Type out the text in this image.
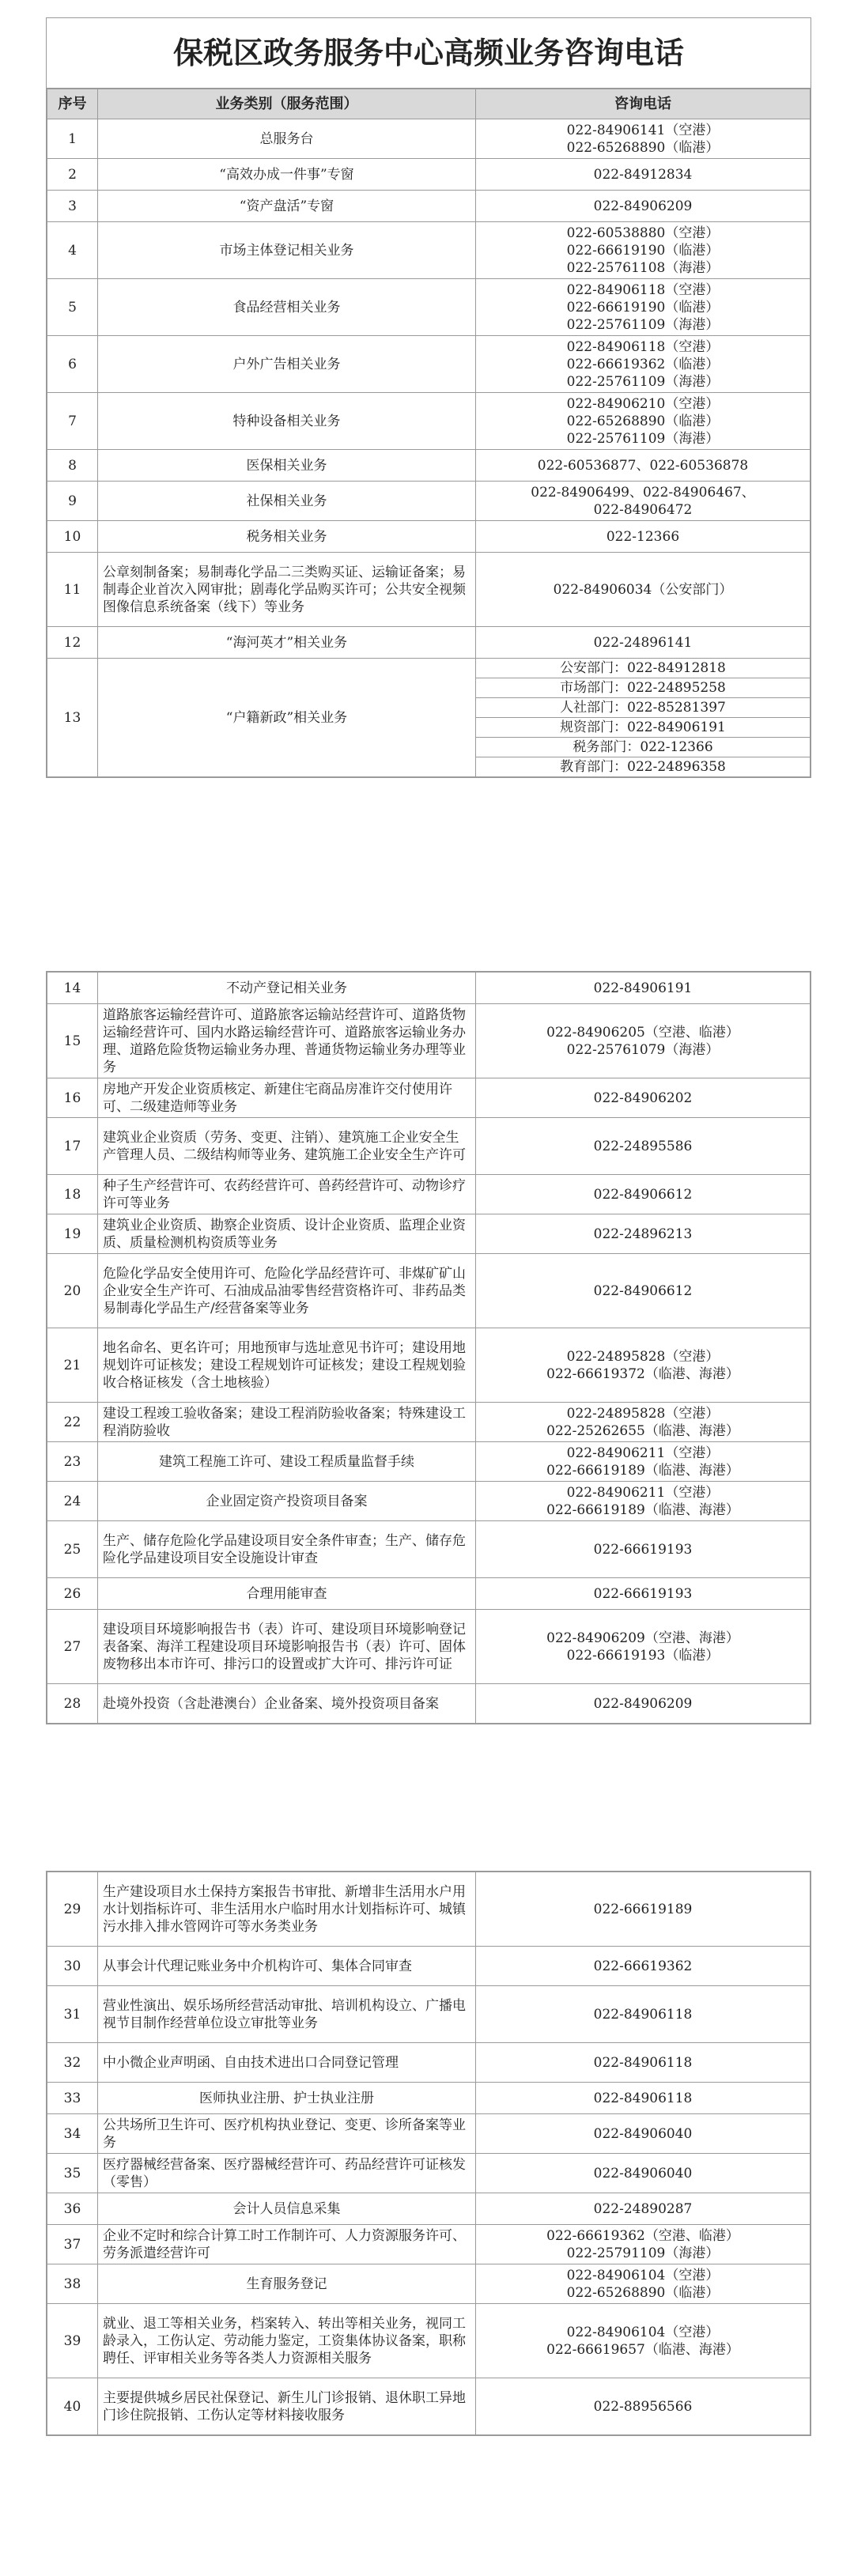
保税区政务服务中心高频业务咨询电话
序号	业务类别（服务范围）	咨询电话
1	总服务台	
022-84906141（空港）
022-65268890（临港）

2	“高效办成一件事”专窗	022-84912834

3	“资产盘活”专窗	022-84906209

4	市场主体登记相关业务	
022-60538880（空港）
022-66619190（临港）
022-25761108（海港）

5	食品经营相关业务	
022-84906118（空港）
022-66619190（临港）
022-25761109（海港）

6	户外广告相关业务	
022-84906118（空港）
022-66619362（临港）
022-25761109（海港）

7	特种设备相关业务	
022-84906210（空港）
022-65268890（临港）
022-25761109（海港）

8	医保相关业务	022-60536877、022-60536878

9	社保相关业务	
022-84906499、022-84906467、
022-84906472

10	税务相关业务	022-12366

11	公章刻制备案；易制毒化学品二三类购买证、运输证备案；易制毒企业首次入网审批；剧毒化学品购买许可；公共安全视频图像信息系统备案（线下）等业务	
022-84906034（公安部门）

12	“海河英才”相关业务	022-24896141

13	“户籍新政”相关业务	
公安部门：022-84912818
市场部门：022-24895258
人社部门：022-85281397
规资部门：022-84906191
税务部门：022-12366
教育部门：022-24896358
14	不动产登记相关业务	022-84906191

15	道路旅客运输经营许可、道路旅客运输站经营许可、道路货物运输经营许可、国内水路运输经营许可、道路旅客运输业务办理、道路危险货物运输业务办理、普通货物运输业务办理等业务	022-84906205（空港、临港）
022-25761079（海港）

16	房地产开发企业资质核定、新建住宅商品房准许交付使用许可、二级建造师等业务	022-84906202

17	建筑业企业资质（劳务、变更、注销）、建筑施工企业安全生产管理人员、二级结构师等业务、建筑施工企业安全生产许可	022-24895586

18	种子生产经营许可、农药经营许可、兽药经营许可、动物诊疗许可等业务	022-84906612

19	建筑业企业资质、勘察企业资质、设计企业资质、监理企业资质、质量检测机构资质等业务	022-24896213

20	危险化学品安全使用许可、危险化学品经营许可、非煤矿矿山企业安全生产许可、石油成品油零售经营资格许可、非药品类易制毒化学品生产/经营备案等业务	022-84906612

21	地名命名、更名许可；用地预审与选址意见书许可；建设用地规划许可证核发；建设工程规划许可证核发；建设工程规划验收合格证核发（含土地核验）	022-24895828（空港）
022-66619372（临港、海港）

22	建设工程竣工验收备案；建设工程消防验收备案；特殊建设工程消防验收	022-24895828（空港）
022-25262655（临港、海港）

23	建筑工程施工许可、建设工程质量监督手续	022-84906211（空港）
022-66619189（临港、海港）

24	企业固定资产投资项目备案	022-84906211（空港）
022-66619189（临港、海港）

25	生产、储存危险化学品建设项目安全条件审查；生产、储存危险化学品建设项目安全设施设计审查	022-66619193

26	合理用能审查	022-66619193

27	建设项目环境影响报告书（表）许可、建设项目环境影响登记表备案、海洋工程建设项目环境影响报告书（表）许可、固体废物移出本市许可、排污口的设置或扩大许可、排污许可证	022-84906209（空港、海港）
022-66619193（临港）

28	赴境外投资（含赴港澳台）企业备案、境外投资项目备案	022-84906209
29	生产建设项目水土保持方案报告书审批、新增非生活用水户用水计划指标许可、非生活用水户临时用水计划指标许可、城镇污水排入排水管网许可等水务类业务	022-66619189

30	从事会计代理记账业务中介机构许可、集体合同审查	022-66619362

31	营业性演出、娱乐场所经营活动审批、培训机构设立、广播电视节目制作经营单位设立审批等业务	022-84906118

32	中小微企业声明函、自由技术进出口合同登记管理	022-84906118

33	医师执业注册、护士执业注册	022-84906118

34	公共场所卫生许可、医疗机构执业登记、变更、诊所备案等业务	022-84906040

35	医疗器械经营备案、医疗器械经营许可、药品经营许可证核发（零售）	022-84906040

36	会计人员信息采集	022-24890287

37	企业不定时和综合计算工时工作制许可、人力资源服务许可、劳务派遣经营许可	022-66619362（空港、临港）
022-25791109（海港）

38	生育服务登记	022-84906104（空港）
022-65268890（临港）

39	就业、退工等相关业务，档案转入、转出等相关业务，视同工龄录入，工伤认定、劳动能力鉴定，工资集体协议备案，职称聘任、评审相关业务等各类人力资源相关服务	022-84906104（空港）
022-66619657（临港、海港）

40	主要提供城乡居民社保登记、新生儿门诊报销、退休职工异地门诊住院报销、工伤认定等材料接收服务	022-88956566
